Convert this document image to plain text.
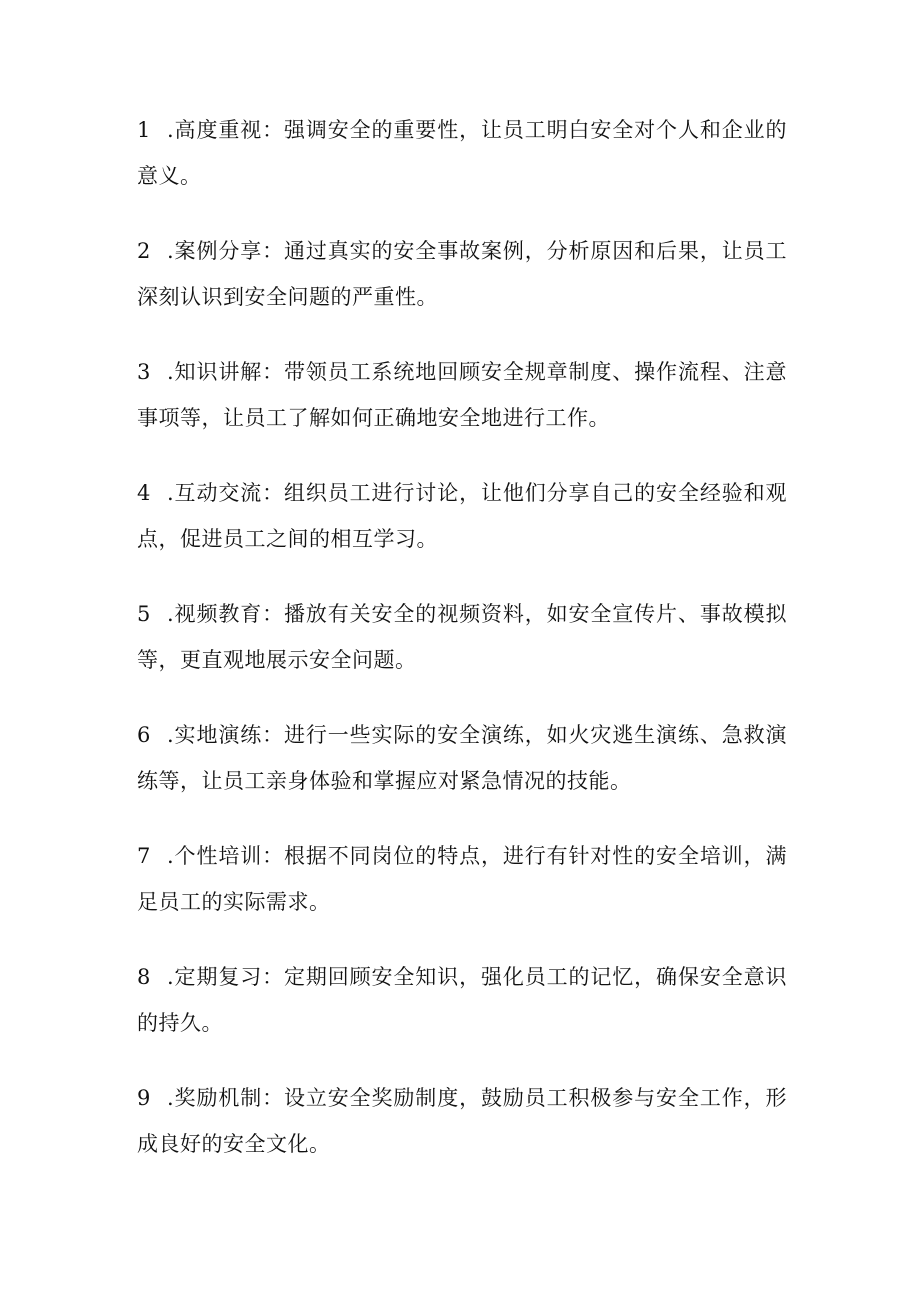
1 .高度重视：强调安全的重要性，让员工明白安全对个人和企业的意义。
2 .案例分享：通过真实的安全事故案例，分析原因和后果，让员工深刻认识到安全问题的严重性。
3 .知识讲解：带领员工系统地回顾安全规章制度、操作流程、注意事项等，让员工了解如何正确地安全地进行工作。
4 .互动交流：组织员工进行讨论，让他们分享自己的安全经验和观点，促进员工之间的相互学习。
5 .视频教育：播放有关安全的视频资料，如安全宣传片、事故模拟等，更直观地展示安全问题。
6 .实地演练：进行一些实际的安全演练，如火灾逃生演练、急救演练等，让员工亲身体验和掌握应对紧急情况的技能。
7 .个性培训：根据不同岗位的特点，进行有针对性的安全培训，满足员工的实际需求。
8 .定期复习：定期回顾安全知识，强化员工的记忆，确保安全意识的持久。
9 .奖励机制：设立安全奖励制度，鼓励员工积极参与安全工作，形成良好的安全文化。
